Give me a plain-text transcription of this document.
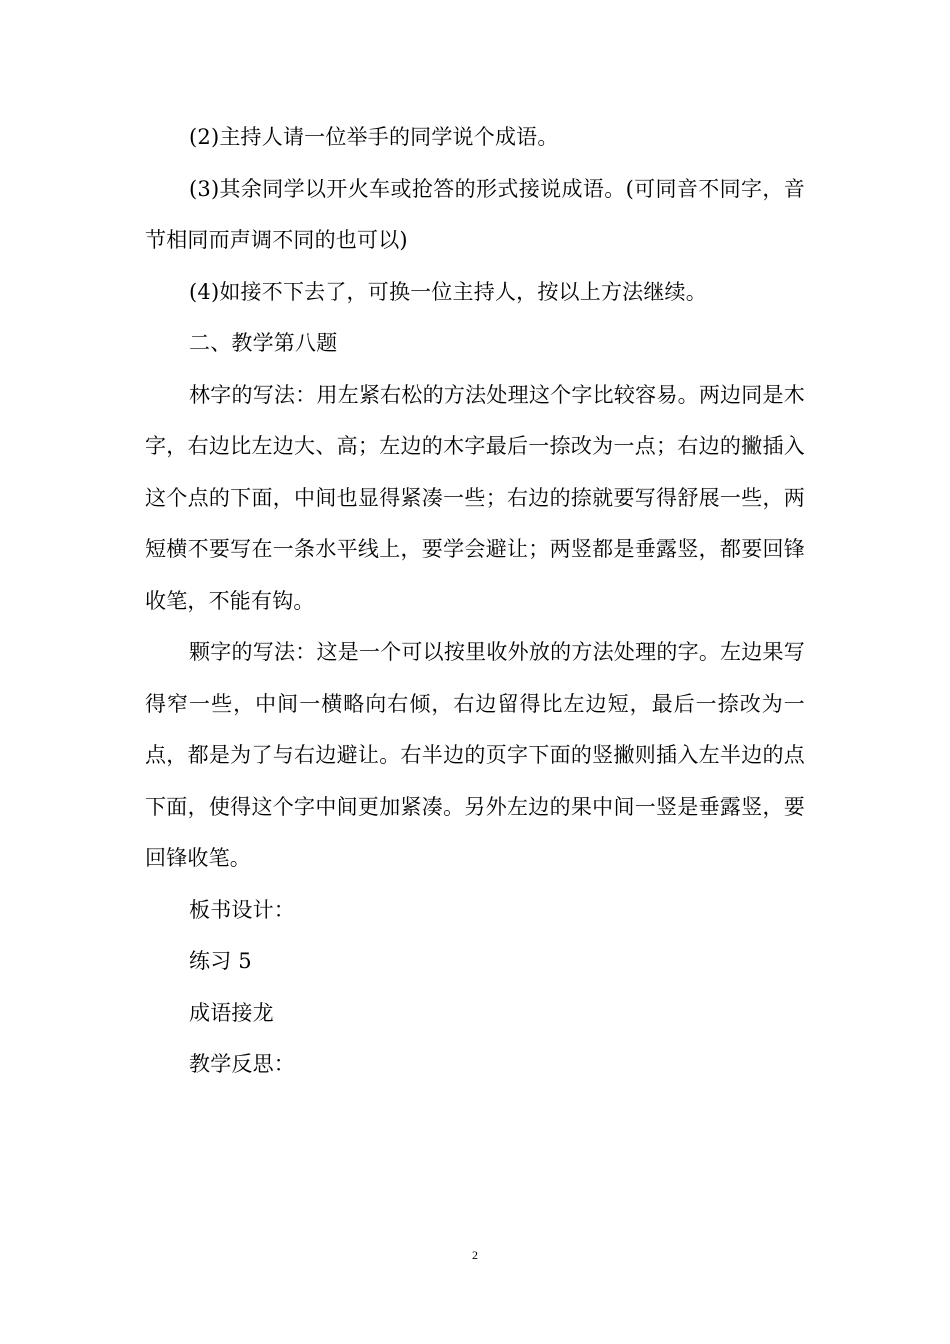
(2)主持人请一位举手的同学说个成语。

(3)其余同学以开火车或抢答的形式接说成语。(可同音不同字，音节相同而声调不同的也可以)

(4)如接不下去了，可换一位主持人，按以上方法继续。

二、教学第八题

林字的写法：用左紧右松的方法处理这个字比较容易。两边同是木字，右边比左边大、高；左边的木字最后一捺改为一点；右边的撇插入这个点的下面，中间也显得紧凑一些；右边的捺就要写得舒展一些，两短横不要写在一条水平线上，要学会避让；两竖都是垂露竖，都要回锋收笔，不能有钩。

颗字的写法：这是一个可以按里收外放的方法处理的字。左边果写得窄一些，中间一横略向右倾，右边留得比左边短，最后一捺改为一点，都是为了与右边避让。右半边的页字下面的竖撇则插入左半边的点下面，使得这个字中间更加紧凑。另外左边的果中间一竖是垂露竖，要回锋收笔。

板书设计：

练习 5

成语接龙

教学反思：

2
